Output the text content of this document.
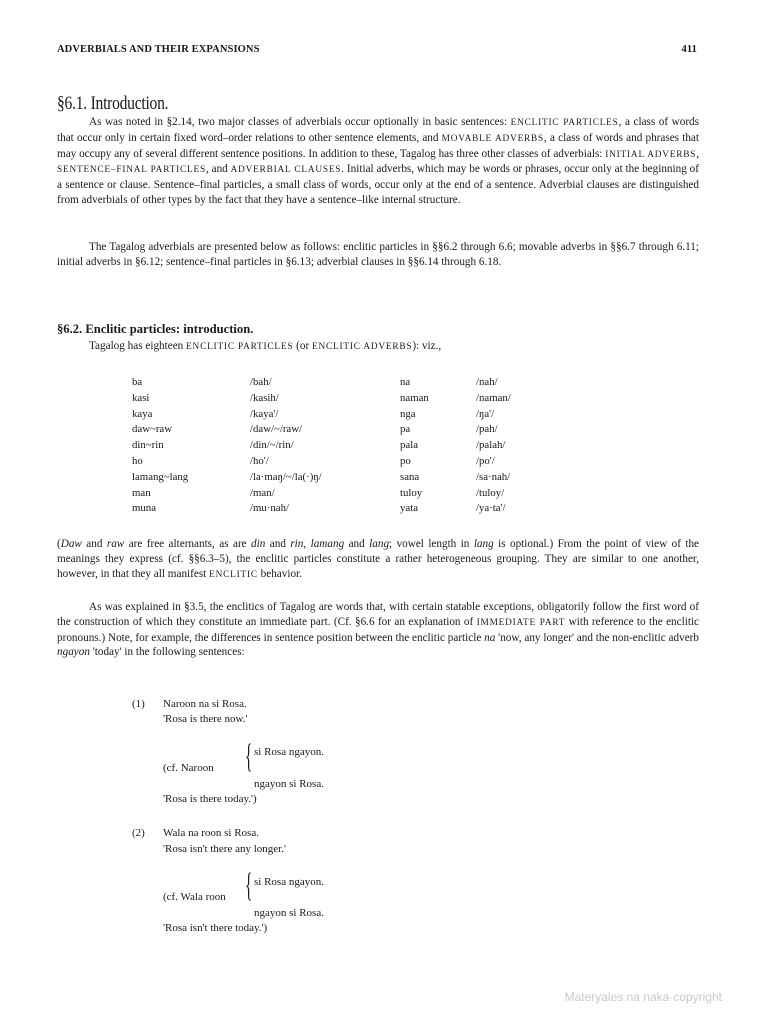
ADVERBIALS AND THEIR EXPANSIONS	411
§6.1. Introduction.
As was noted in §2.14, two major classes of adverbials occur optionally in basic sentences: ENCLITIC PARTICLES, a class of words that occur only in certain fixed word–order relations to other sentence elements, and MOVABLE ADVERBS, a class of words and phrases that may occupy any of several different sentence positions. In addition to these, Tagalog has three other classes of adverbials: INITIAL ADVERBS, SENTENCE–FINAL PARTICLES, and ADVERBIAL CLAUSES. Initial adverbs, which may be words or phrases, occur only at the beginning of a sentence or clause. Sentence–final particles, a small class of words, occur only at the end of a sentence. Adverbial clauses are distinguished from adverbials of other types by the fact that they have a sentence–like internal structure.
The Tagalog adverbials are presented below as follows: enclitic particles in §§6.2 through 6.6; movable adverbs in §§6.7 through 6.11; initial adverbs in §6.12; sentence–final particles in §6.13; adverbial clauses in §§6.14 through 6.18.
§6.2. Enclitic particles: introduction.
Tagalog has eighteen ENCLITIC PARTICLES (or ENCLITIC ADVERBS): viz.,
ba	/bah/	na	/nah/
kasi	/kasih/	naman	/naman/
kaya	/kaya'/	nga	/ŋa'/
daw~raw	/daw/~/raw/	pa	/pah/
din~rin	/din/~/rin/	pala	/palah/
ho	/ho'/	po	/po'/
lamang~lang	/la·maŋ/~/la(·)ŋ/	sana	/sa·nah/
man	/man/	tuloy	/tuloy/
muna	/mu·nah/	yata	/ya·ta'/
(Daw and raw are free alternants, as are din and rin, lamang and lang; vowel length in lang is optional.) From the point of view of the meanings they express (cf. §§6.3–5), the enclitic particles constitute a rather heterogeneous grouping. They are similar to one another, however, in that they all manifest ENCLITIC behavior.
As was explained in §3.5, the enclitics of Tagalog are words that, with certain statable exceptions, obligatorily follow the first word of the construction of which they constitute an immediate part. (Cf. §6.6 for an explanation of IMMEDIATE PART with reference to the enclitic pronouns.) Note, for example, the differences in sentence position between the enclitic particle na 'now, any longer' and the non-enclitic adverb ngayon 'today' in the following sentences:
(1) Naroon na si Rosa.
'Rosa is there now.'
(cf. Naroon { si Rosa ngayon.
ngayon si Rosa.
'Rosa is there today.')
(2) Wala na roon si Rosa.
'Rosa isn't there any longer.'
(cf. Wala roon { si Rosa ngayon.
ngayon si Rosa.
'Rosa isn't there today.')
Materyales na naka-copyright
